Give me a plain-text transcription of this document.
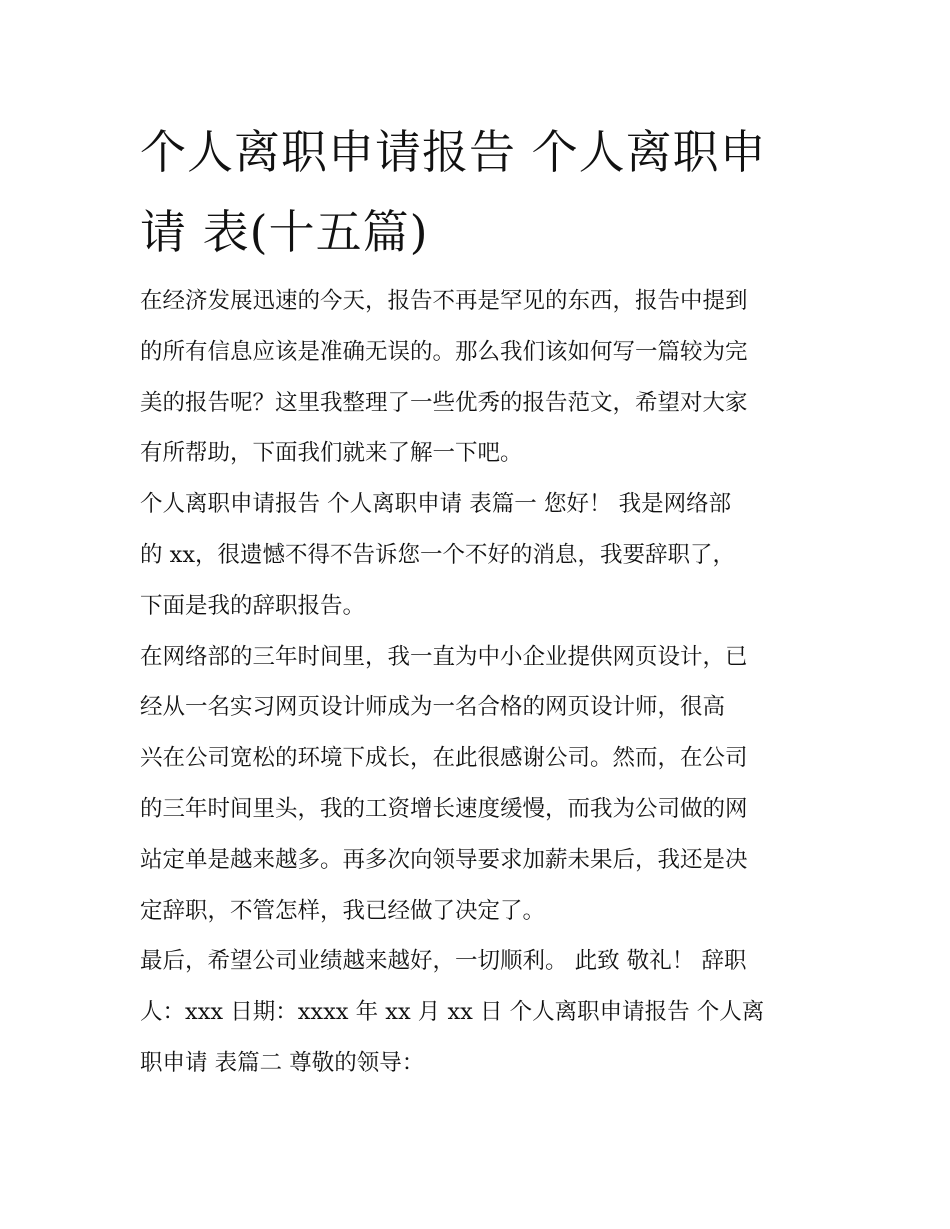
个人离职申请报告 个人离职申
请 表(十五篇)
在经济发展迅速的今天，报告不再是罕见的东西，报告中提到
的所有信息应该是准确无误的。那么我们该如何写一篇较为完
美的报告呢？这里我整理了一些优秀的报告范文，希望对大家
有所帮助，下面我们就来了解一下吧。
个人离职申请报告 个人离职申请 表篇一 您好！ 我是网络部
的 xx，很遗憾不得不告诉您一个不好的消息，我要辞职了，
下面是我的辞职报告。
在网络部的三年时间里，我一直为中小企业提供网页设计，已
经从一名实习网页设计师成为一名合格的网页设计师，很高
兴在公司宽松的环境下成长，在此很感谢公司。然而，在公司
的三年时间里头，我的工资增长速度缓慢，而我为公司做的网
站定单是越来越多。再多次向领导要求加薪未果后，我还是决
定辞职，不管怎样，我已经做了决定了。
最后，希望公司业绩越来越好，一切顺利。 此致 敬礼！ 辞职
人：xxx 日期：xxxx 年 xx 月 xx 日 个人离职申请报告 个人离
职申请 表篇二 尊敬的领导：
